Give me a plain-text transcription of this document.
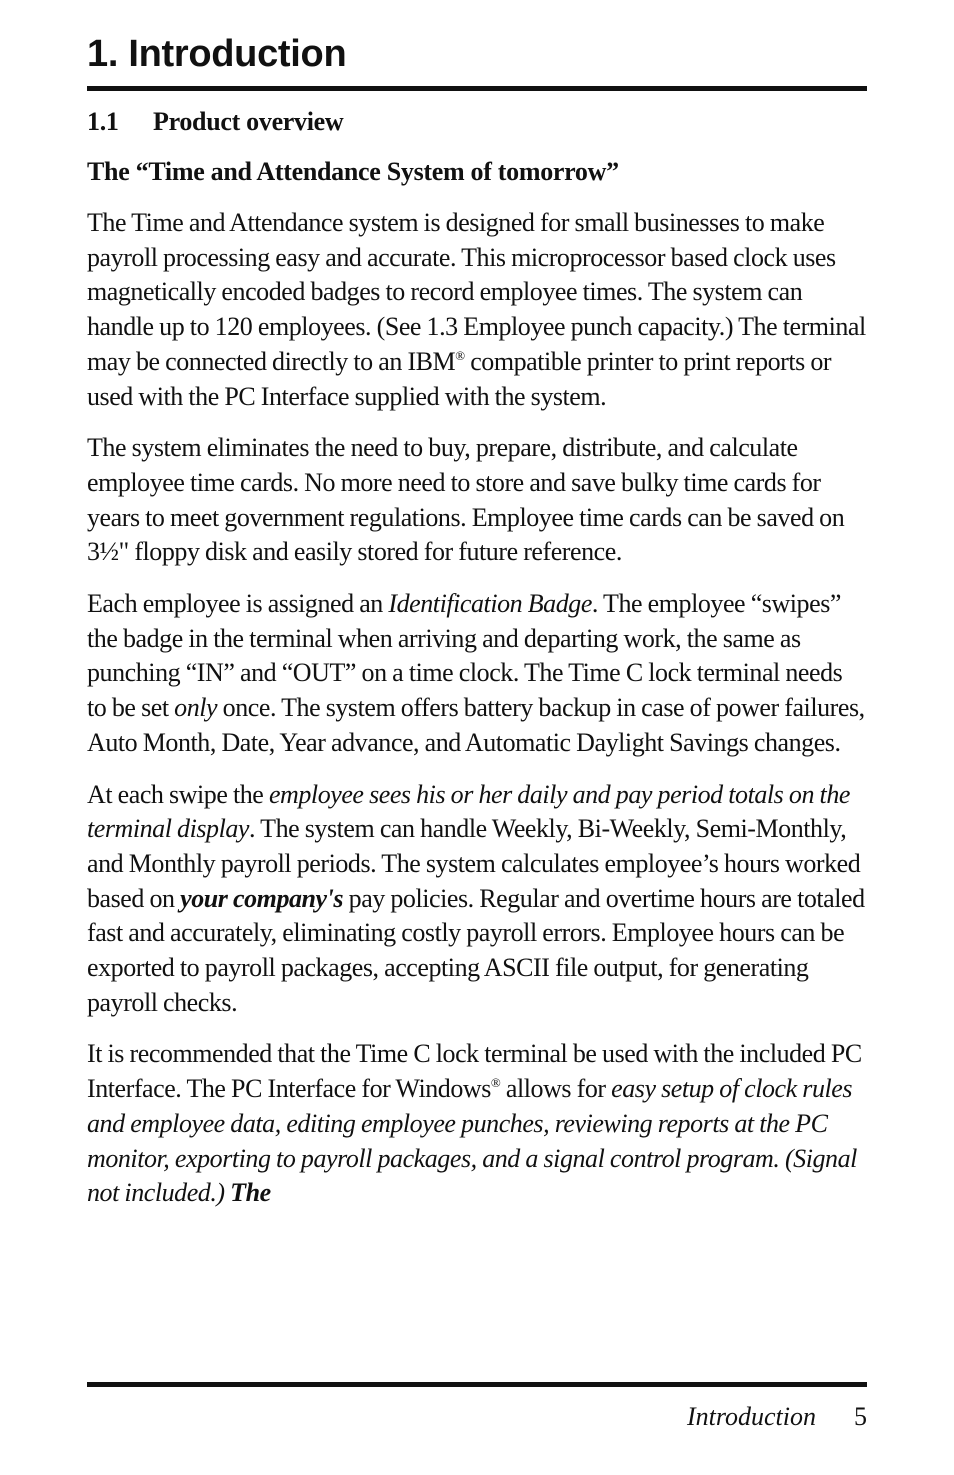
1. Introduction
1.1 Product overview
The “Time and Attendance System of tomorrow”

The Time and Attendance system is designed for small businesses to make payroll processing easy and accurate. This microprocessor based clock uses magnetically encoded badges to record employee times. The system can handle up to 120 employees. (See 1.3 Employee punch capacity.) The terminal may be connected directly to an IBM® compatible printer to print reports or used with the PC Interface supplied with the system.

The system eliminates the need to buy, prepare, distribute, and calculate employee time cards. No more need to store and save bulky time cards for years to meet government regulations. Employee time cards can be saved on 3½" floppy disk and easily stored for future reference.

Each employee is assigned an Identification Badge. The employee “swipes” the badge in the terminal when arriving and departing work, the same as punching “IN” and “OUT” on a time clock. The Time C lock terminal needs to be set only once. The system offers battery backup in case of power failures, Auto Month, Date, Year advance, and Automatic Daylight Savings changes.

At each swipe the employee sees his or her daily and pay period totals on the terminal display. The system can handle Weekly, Bi-Weekly, Semi-Monthly, and Monthly payroll periods. The system calculates employee’s hours worked based on your company's pay policies. Regular and overtime hours are totaled fast and accurately, eliminating costly payroll errors. Employee hours can be exported to payroll packages, accepting ASCII file output, for generating payroll checks.

It is recommended that the Time C lock terminal be used with the included PC Interface. The PC Interface for Windows® allows for easy setup of clock rules and employee data, editing employee punches, reviewing reports at the PC monitor, exporting to payroll packages, and a signal control program. (Signal not included.) The

Introduction 5
